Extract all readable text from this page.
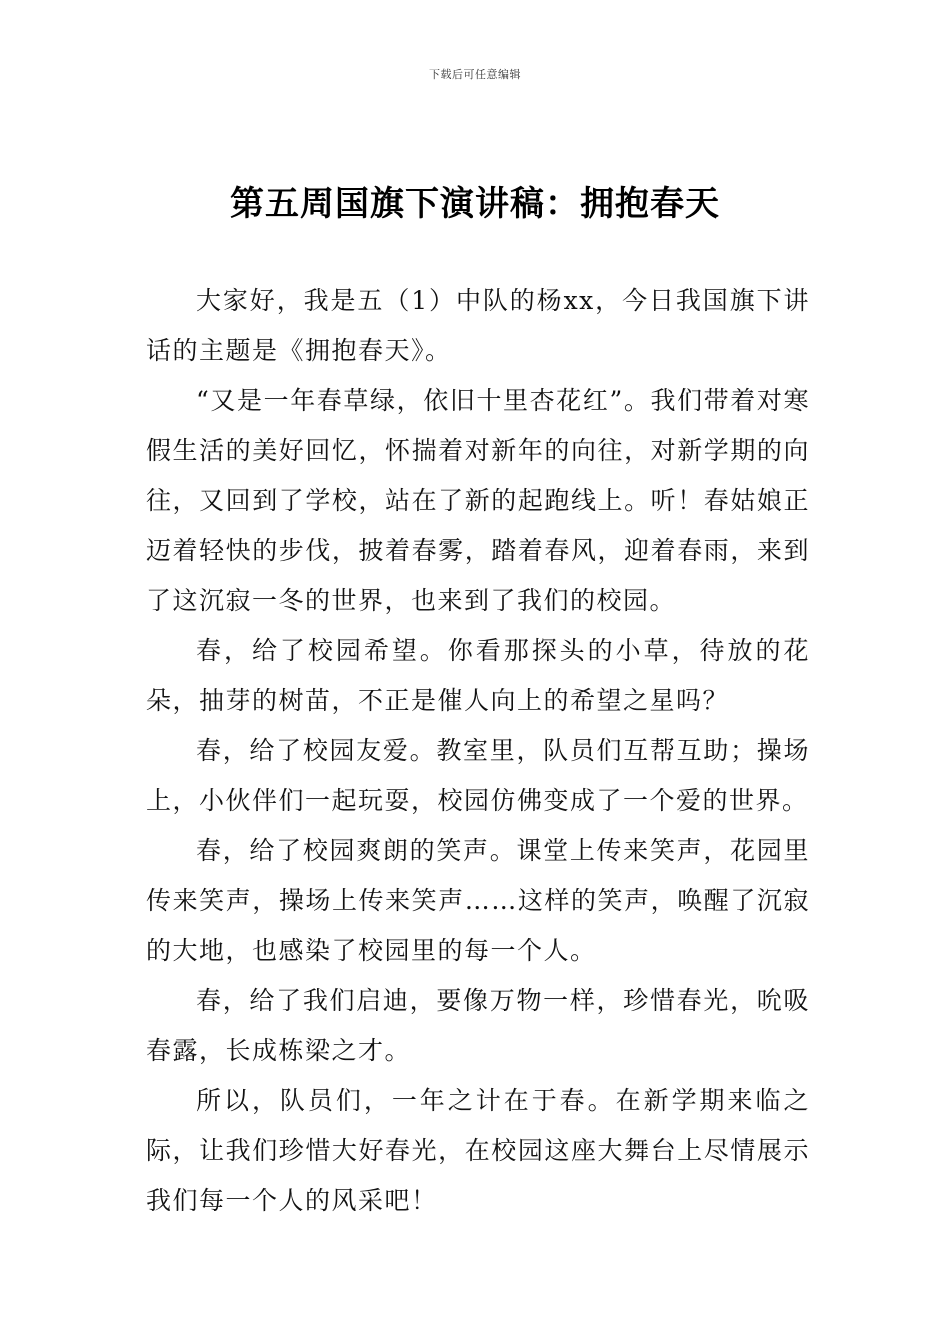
下载后可任意编辑
第五周国旗下演讲稿：拥抱春天

大家好，我是五（1）中队的杨xx，今日我国旗下讲话的主题是《拥抱春天》。

“又是一年春草绿，依旧十里杏花红”。我们带着对寒假生活的美好回忆，怀揣着对新年的向往，对新学期的向往，又回到了学校，站在了新的起跑线上。听！春姑娘正迈着轻快的步伐，披着春雾，踏着春风，迎着春雨，来到了这沉寂一冬的世界，也来到了我们的校园。

春，给了校园希望。你看那探头的小草，待放的花朵，抽芽的树苗，不正是催人向上的希望之星吗？

春，给了校园友爱。教室里，队员们互帮互助；操场上，小伙伴们一起玩耍，校园仿佛变成了一个爱的世界。

春，给了校园爽朗的笑声。课堂上传来笑声，花园里传来笑声，操场上传来笑声……这样的笑声，唤醒了沉寂的大地，也感染了校园里的每一个人。

春，给了我们启迪，要像万物一样，珍惜春光，吮吸春露，长成栋梁之才。

所以，队员们，一年之计在于春。在新学期来临之际，让我们珍惜大好春光，在校园这座大舞台上尽情展示我们每一个人的风采吧！
